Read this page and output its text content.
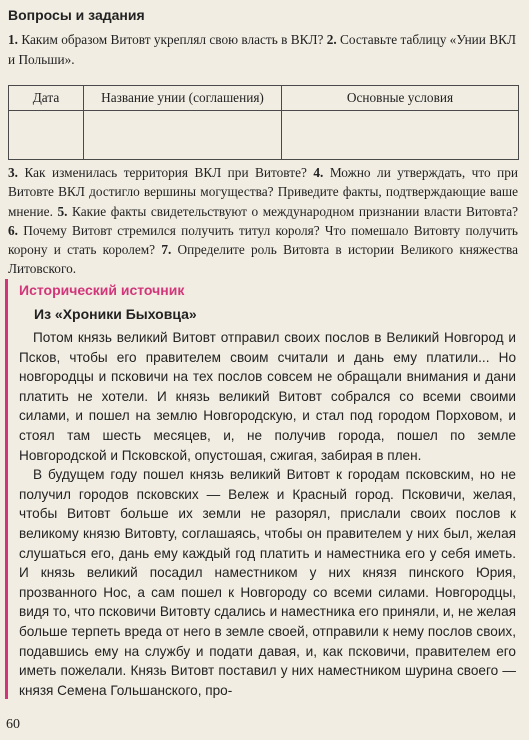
Вопросы и задания
1. Каким образом Витовт укреплял свою власть в ВКЛ? 2. Составьте таблицу «Унии ВКЛ и Польши».
Дата	Название унии (соглашения)	Основные условия

3. Как изменилась территория ВКЛ при Витовте? 4. Можно ли утверждать, что при Витовте ВКЛ достигло вершины могущества? Приведите факты, подтверждающие ваше мнение. 5. Какие факты свидетельствуют о международном признании власти Витовта? 6. Почему Витовт стремился получить титул короля? Что помешало Витовту получить корону и стать королем? 7. Определите роль Витовта в истории Великого княжества Литовского.
Исторический источник
Из «Хроники Быховца»

Потом князь великий Витовт отправил своих послов в Великий Новгород и Псков, чтобы его правителем своим считали и дань ему платили... Но новгородцы и псковичи на тех послов совсем не обращали внимания и дани платить не хотели. И князь великий Витовт собрался со всеми своими силами, и пошел на землю Новгородскую, и стал под городом Порховом, и стоял там шесть месяцев, и, не получив города, пошел по земле Новгородской и Псковской, опустошая, сжигая, забирая в плен.

В будущем году пошел князь великий Витовт к городам псковским, но не получил городов псковских — Вележ и Красный город. Псковичи, желая, чтобы Витовт больше их земли не разорял, прислали своих послов к великому князю Витовту, соглашаясь, чтобы он правителем у них был, желая слушаться его, дань ему каждый год платить и наместника его у себя иметь. И князь великий посадил наместником у них князя пинского Юрия, прозванного Нос, а сам пошел к Новгороду со всеми силами. Новгородцы, видя то, что псковичи Витовту сдались и наместника его приняли, и, не желая больше терпеть вреда от него в земле своей, отправили к нему послов своих, подавшись ему на службу и подати давая, и, как псковичи, правителем его иметь пожелали. Князь Витовт поставил у них наместником шурина своего — князя Семена Гольшанского, про-

60
